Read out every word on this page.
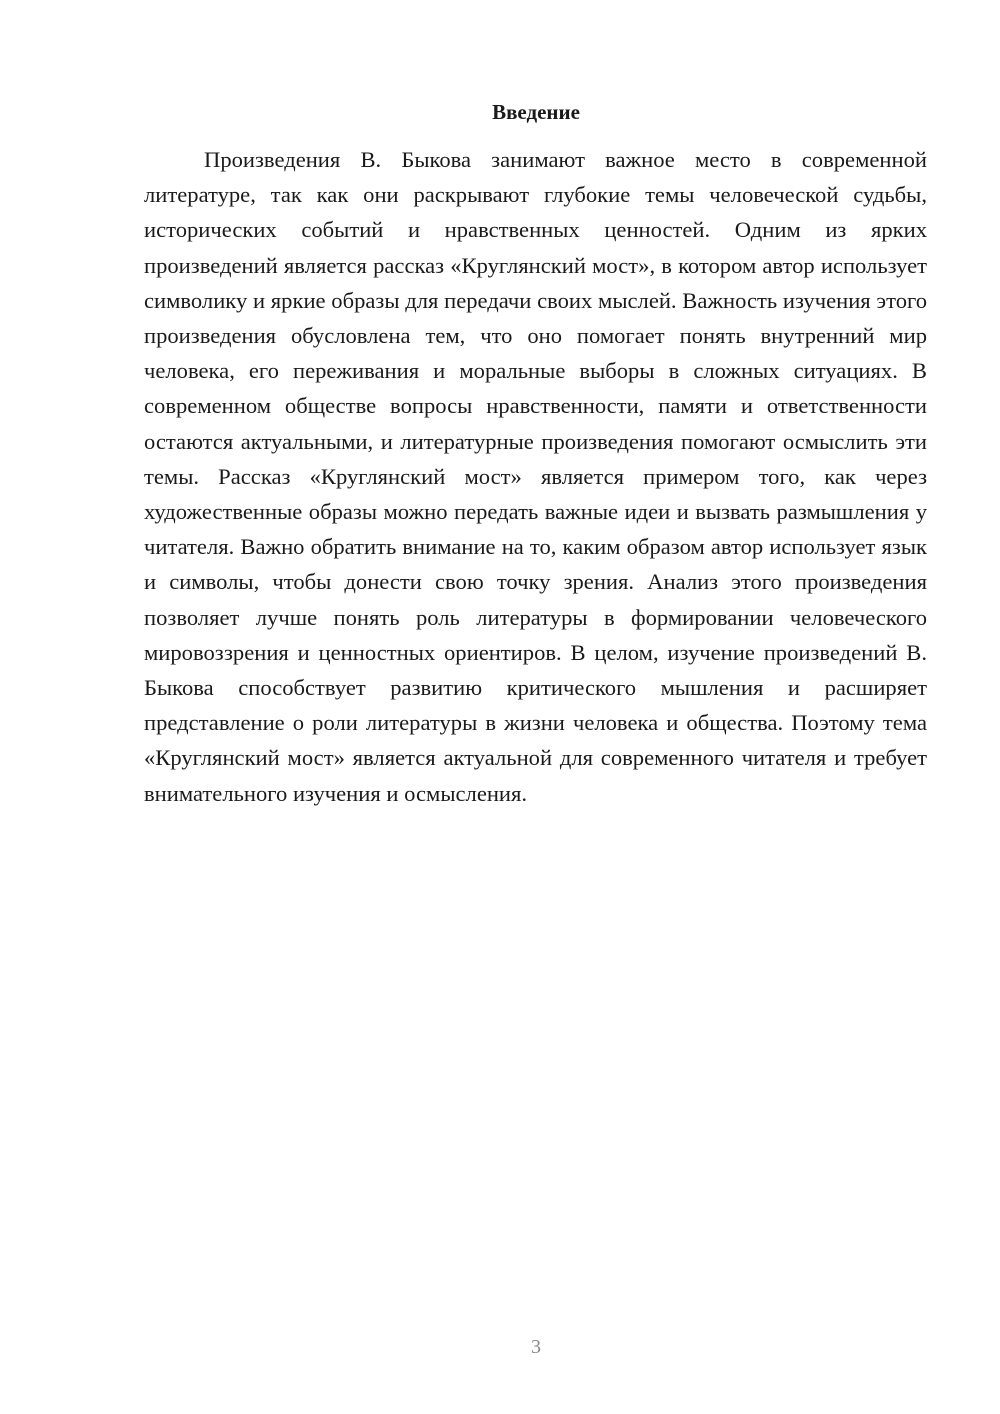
Введение

Произведения В. Быкова занимают важное место в современной литературе, так как они раскрывают глубокие темы человеческой судьбы, исторических событий и нравственных ценностей. Одним из ярких произведений является рассказ «Круглянский мост», в котором автор использует символику и яркие образы для передачи своих мыслей. Важность изучения этого произведения обусловлена тем, что оно помогает понять внутренний мир человека, его переживания и моральные выборы в сложных ситуациях. В современном обществе вопросы нравственности, памяти и ответственности остаются актуальными, и литературные произведения помогают осмыслить эти темы. Рассказ «Круглянский мост» является примером того, как через художественные образы можно передать важные идеи и вызвать размышления у читателя. Важно обратить внимание на то, каким образом автор использует язык и символы, чтобы донести свою точку зрения. Анализ этого произведения позволяет лучше понять роль литературы в формировании человеческого мировоззрения и ценностных ориентиров. В целом, изучение произведений В. Быкова способствует развитию критического мышления и расширяет представление о роли литературы в жизни человека и общества. Поэтому тема «Круглянский мост» является актуальной для современного читателя и требует внимательного изучения и осмысления.

3
